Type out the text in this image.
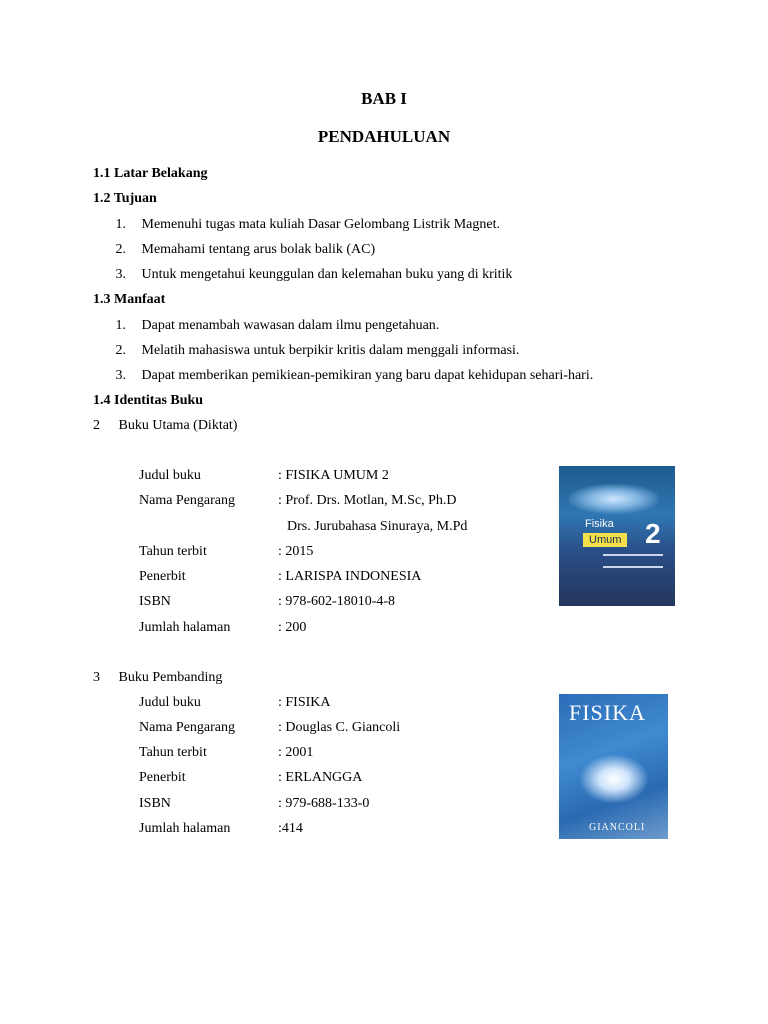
BAB I
PENDAHULUAN
1.1 Latar Belakang
1.2 Tujuan
1. Memenuhi tugas mata kuliah Dasar Gelombang Listrik Magnet.
2. Memahami tentang arus bolak balik (AC)
3. Untuk mengetahui keunggulan dan kelemahan buku yang di kritik
1.3 Manfaat
1. Dapat menambah wawasan dalam ilmu pengetahuan.
2. Melatih mahasiswa untuk berpikir kritis dalam menggali informasi.
3. Dapat memberikan pemikiean-pemikiran yang baru dapat kehidupan sehari-hari.
1.4 Identitas Buku
2 Buku Utama (Diktat)
Judul buku	: FISIKA UMUM 2
Nama Pengarang	: Prof. Drs. Motlan, M.Sc, Ph.D
Drs. Jurubahasa Sinuraya, M.Pd
Tahun terbit	: 2015
Penerbit	: LARISPA INDONESIA
ISBN	: 978-602-18010-4-8
Jumlah halaman	: 200
Fisika
Umum 2
3 Buku Pembanding
Judul buku	: FISIKA
Nama Pengarang	: Douglas C. Giancoli
Tahun terbit	: 2001
Penerbit	: ERLANGGA
ISBN	: 979-688-133-0
Jumlah halaman	:414
FISIKA
GIANCOLI
